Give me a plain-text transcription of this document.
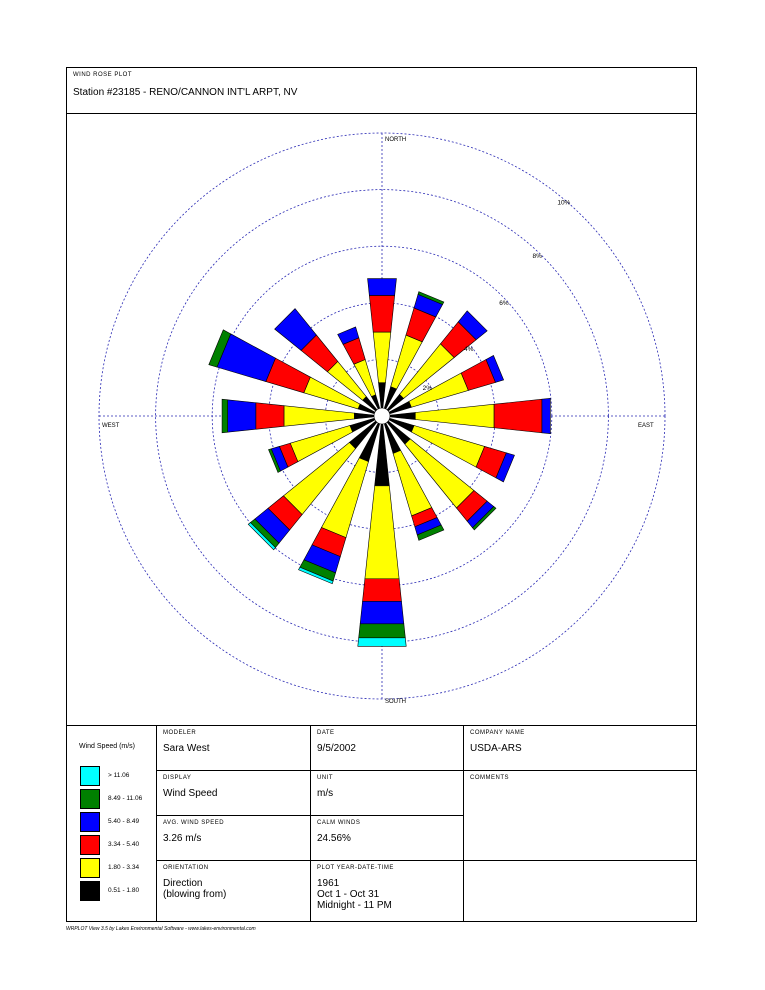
WIND ROSE PLOT
Station #23185 - RENO/CANNON INT'L ARPT, NV
2%
4%
6%
8%
10%
NORTH
SOUTH
EAST
WEST
Wind Speed (m/s)
> 11.06
8.49 - 11.06
5.40 - 8.49
3.34 - 5.40
1.80 - 3.34
0.51 - 1.80
MODELER
Sara West
DATE
9/5/2002
COMPANY NAME
USDA-ARS
DISPLAY
Wind Speed
UNIT
m/s
COMMENTS
AVG. WIND SPEED
3.26 m/s
CALM WINDS
24.56%
ORIENTATION
Direction
(blowing from)
PLOT YEAR-DATE-TIME
1961
Oct 1 - Oct 31
Midnight - 11 PM
WRPLOT View 3.5 by Lakes Environmental Software - www.lakes-environmental.com
